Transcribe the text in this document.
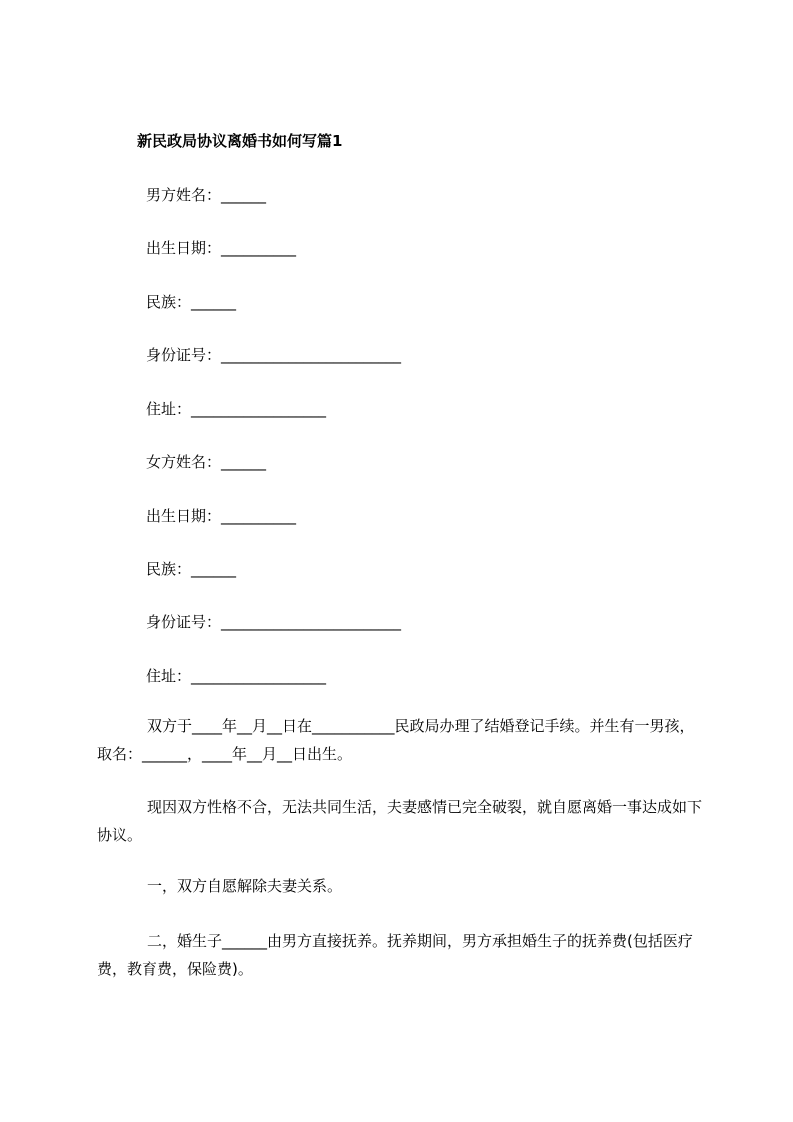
新民政局协议离婚书如何写篇1
男方姓名：______
出生日期：__________
民族：______
身份证号：________________________
住址：__________________
女方姓名：______
出生日期：__________
民族：______
身份证号：________________________
住址：__________________
双方于____年__月__日在___________民政局办理了结婚登记手续。并生有一男孩，取名：______，____年__月__日出生。
现因双方性格不合，无法共同生活，夫妻感情已完全破裂，就自愿离婚一事达成如下协议。
一，双方自愿解除夫妻关系。
二，婚生子______由男方直接抚养。抚养期间，男方承担婚生子的抚养费(包括医疗费，教育费，保险费)。
